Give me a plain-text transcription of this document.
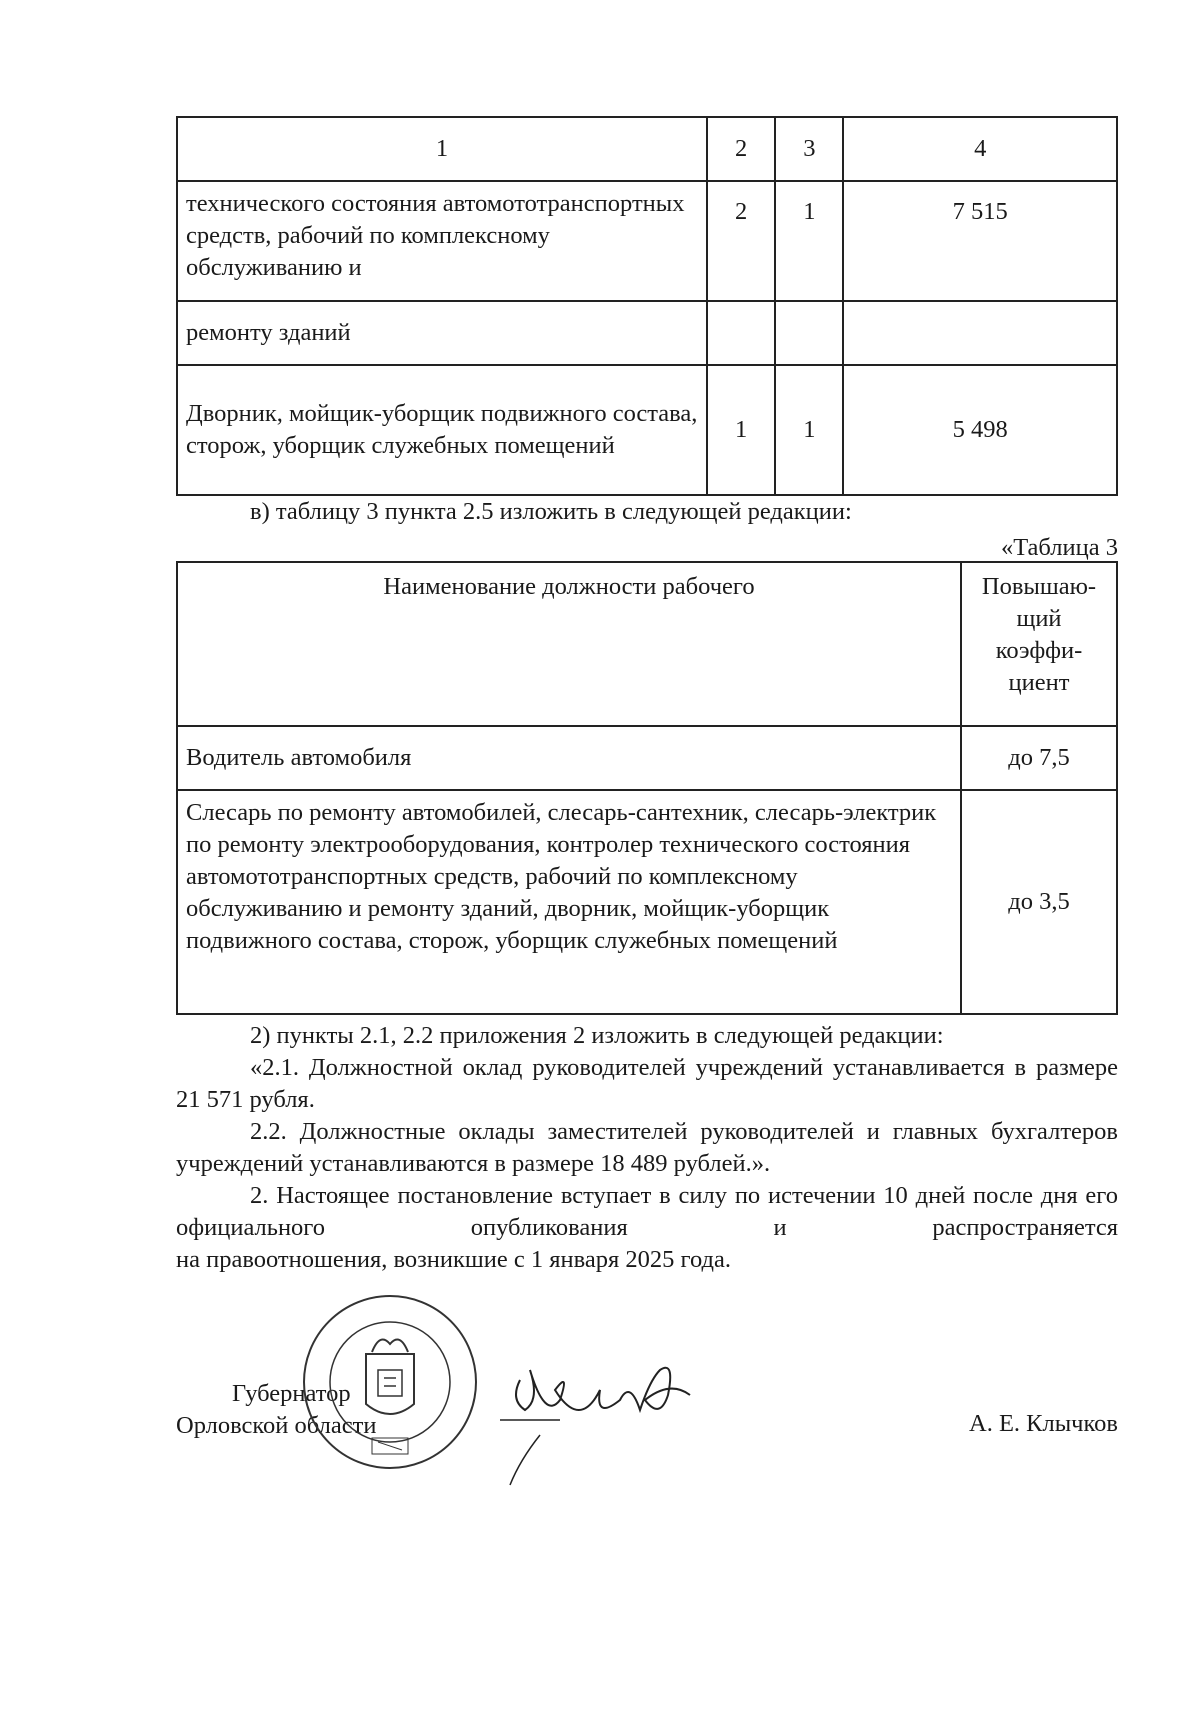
1	2	3	4
технического состояния автомототранспортных средств, рабочий по комплексному обслуживанию и	2	1	7 515
ремонту зданий			
Дворник, мойщик-уборщик подвижного состава, сторож, уборщик служебных помещений	1	1	5 498
в) таблицу 3 пункта 2.5 изложить в следующей редакции:
«Таблица 3
Наименование должности рабочего	Повышаю-
щий
коэффи-
циент

Водитель автомобиля	до 7,5
Слесарь по ремонту автомобилей, слесарь-сантехник, слесарь-электрик по ремонту электрооборудования, контролер технического состояния автомототранспортных средств, рабочий по комплексному обслуживанию и ремонту зданий, дворник, мойщик-уборщик подвижного состава, сторож, уборщик служебных помещений	до 3,5
2) пункты 2.1, 2.2 приложения 2 изложить в следующей редакции:
«2.1. Должностной оклад руководителей учреждений устанавливается в размере 21 571 рубля.
2.2. Должностные оклады заместителей руководителей и главных бухгалтеров учреждений устанавливаются в размере 18 489 рублей.».
2. Настоящее постановление вступает в силу по истечении 10 дней после дня его официального опубликования и распространяется
на правоотношения, возникшие с 1 января 2025 года.
Губернатор
Орловской области	А. Е. Клычков
